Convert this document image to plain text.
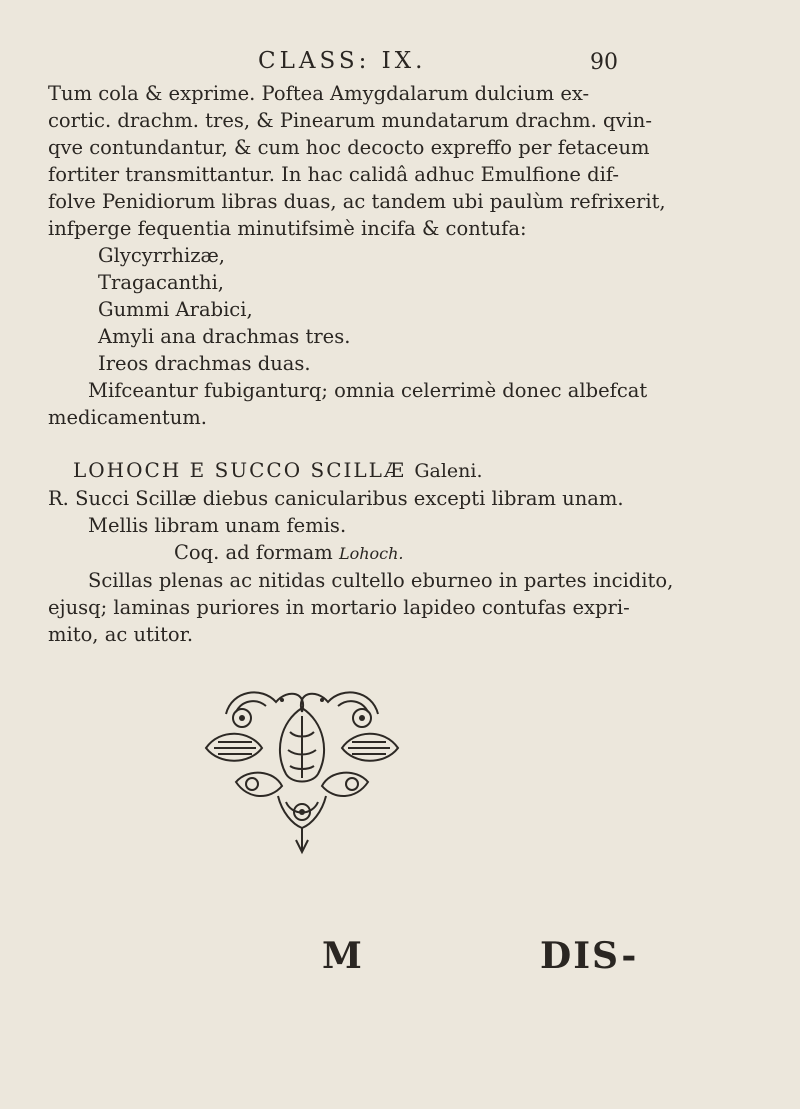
CLASS: IX.	90
Tum cola & exprime. Poftea Amygdalarum dulcium ex-
cortic. drachm. tres, & Pinearum mundatarum drachm. qvin-
qve contundantur, & cum hoc decocto expreffo per fetaceum
fortiter transmittantur. In hac calidâ adhuc Emulfione dif-
folve Penidiorum libras duas, ac tandem ubi paulùm refrixerit,
infperge fequentia minutifsimè incifa & contufa:
Glycyrrhizæ,
Tragacanthi,
Gummi Arabici,
Amyli ana drachmas tres.
Ireos drachmas duas.
Mifceantur fubiganturq; omnia celerrimè donec albefcat
medicamentum.
LOHOCH E SUCCO SCILLÆ Galeni.
R. Succi Scillæ diebus canicularibus excepti libram unam.
Mellis libram unam femis.
Coq. ad formam Lohoch.
Scillas plenas ac nitidas cultello eburneo in partes incidito,
ejusq; laminas puriores in mortario lapideo contufas expri-
mito, ac utitor.
M	DIS-
